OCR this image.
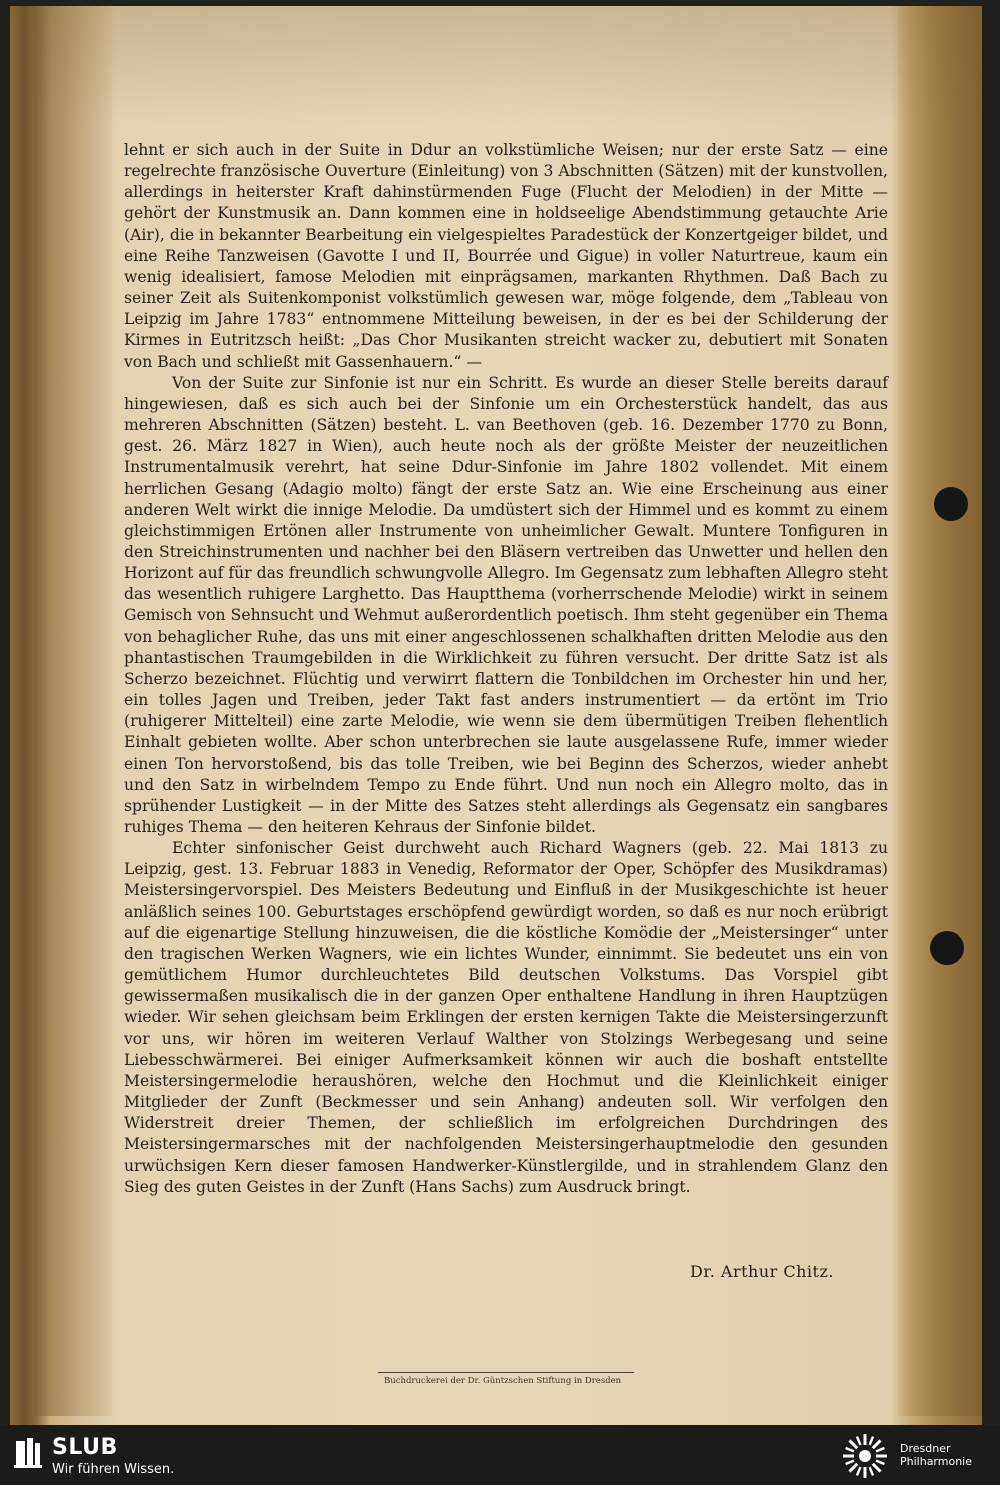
lehnt er sich auch in der Suite in Ddur an volkstümliche Weisen; nur der erste Satz — eine regelrechte französische Ouverture (Einleitung) von 3 Abschnitten (Sätzen) mit der kunstvollen, allerdings in heiterster Kraft dahinstürmenden Fuge (Flucht der Melodien) in der Mitte — gehört der Kunstmusik an. Dann kommen eine in holdseelige Abendstimmung getauchte Arie (Air), die in bekannter Bearbeitung ein vielgespieltes Paradestück der Konzertgeiger bildet, und eine Reihe Tanzweisen (Gavotte I und II, Bourrée und Gigue) in voller Naturtreue, kaum ein wenig idealisiert, famose Melodien mit einprägsamen, markanten Rhythmen. Daß Bach zu seiner Zeit als Suitenkomponist volkstümlich gewesen war, möge folgende, dem „Tableau von Leipzig im Jahre 1783“ entnommene Mitteilung beweisen, in der es bei der Schilderung der Kirmes in Eutritzsch heißt: „Das Chor Musikanten streicht wacker zu, debutiert mit Sonaten von Bach und schließt mit Gassenhauern.“ —

Von der Suite zur Sinfonie ist nur ein Schritt. Es wurde an dieser Stelle bereits darauf hingewiesen, daß es sich auch bei der Sinfonie um ein Orchesterstück handelt, das aus mehreren Abschnitten (Sätzen) besteht. L. van Beethoven (geb. 16. Dezember 1770 zu Bonn, gest. 26. März 1827 in Wien), auch heute noch als der größte Meister der neuzeitlichen Instrumentalmusik verehrt, hat seine Ddur-Sinfonie im Jahre 1802 vollendet. Mit einem herrlichen Gesang (Adagio molto) fängt der erste Satz an. Wie eine Erscheinung aus einer anderen Welt wirkt die innige Melodie. Da umdüstert sich der Himmel und es kommt zu einem gleichstimmigen Ertönen aller Instrumente von unheimlicher Gewalt. Muntere Tonfiguren in den Streichinstrumenten und nachher bei den Bläsern vertreiben das Unwetter und hellen den Horizont auf für das freundlich schwungvolle Allegro. Im Gegensatz zum lebhaften Allegro steht das wesentlich ruhigere Larghetto. Das Hauptthema (vorherrschende Melodie) wirkt in seinem Gemisch von Sehnsucht und Wehmut außerordentlich poetisch. Ihm steht gegenüber ein Thema von behaglicher Ruhe, das uns mit einer angeschlossenen schalkhaften dritten Melodie aus den phantastischen Traumgebilden in die Wirklichkeit zu führen versucht. Der dritte Satz ist als Scherzo bezeichnet. Flüchtig und verwirrt flattern die Tonbildchen im Orchester hin und her, ein tolles Jagen und Treiben, jeder Takt fast anders instrumentiert — da ertönt im Trio (ruhigerer Mittelteil) eine zarte Melodie, wie wenn sie dem übermütigen Treiben flehentlich Einhalt gebieten wollte. Aber schon unterbrechen sie laute ausgelassene Rufe, immer wieder einen Ton hervorstoßend, bis das tolle Treiben, wie bei Beginn des Scherzos, wieder anhebt und den Satz in wirbelndem Tempo zu Ende führt. Und nun noch ein Allegro molto, das in sprühender Lustigkeit — in der Mitte des Satzes steht allerdings als Gegensatz ein sangbares ruhiges Thema — den heiteren Kehraus der Sinfonie bildet.

Echter sinfonischer Geist durchweht auch Richard Wagners (geb. 22. Mai 1813 zu Leipzig, gest. 13. Februar 1883 in Venedig, Reformator der Oper, Schöpfer des Musikdramas) Meistersingervorspiel. Des Meisters Bedeutung und Einfluß in der Musikgeschichte ist heuer anläßlich seines 100. Geburtstages erschöpfend gewürdigt worden, so daß es nur noch erübrigt auf die eigenartige Stellung hinzuweisen, die die köstliche Komödie der „Meistersinger“ unter den tragischen Werken Wagners, wie ein lichtes Wunder, einnimmt. Sie bedeutet uns ein von gemütlichem Humor durchleuchtetes Bild deutschen Volkstums. Das Vorspiel gibt gewissermaßen musikalisch die in der ganzen Oper enthaltene Handlung in ihren Hauptzügen wieder. Wir sehen gleichsam beim Erklingen der ersten kernigen Takte die Meistersingerzunft vor uns, wir hören im weiteren Verlauf Walther von Stolzings Werbegesang und seine Liebesschwärmerei. Bei einiger Aufmerksamkeit können wir auch die boshaft entstellte Meistersingermelodie heraushören, welche den Hochmut und die Kleinlichkeit einiger Mitglieder der Zunft (Beckmesser und sein Anhang) andeuten soll. Wir verfolgen den Widerstreit dreier Themen, der schließlich im erfolgreichen Durchdringen des Meistersingermarsches mit der nachfolgenden Meistersingerhauptmelodie den gesunden urwüchsigen Kern dieser famosen Handwerker-Künstlergilde, und in strahlendem Glanz den Sieg des guten Geistes in der Zunft (Hans Sachs) zum Ausdruck bringt.

Dr. Arthur Chitz.
Buchdruckerei der Dr. Güntzschen Stiftung in Dresden
SLUB
Wir führen Wissen.
Dresdner
Philharmonie
